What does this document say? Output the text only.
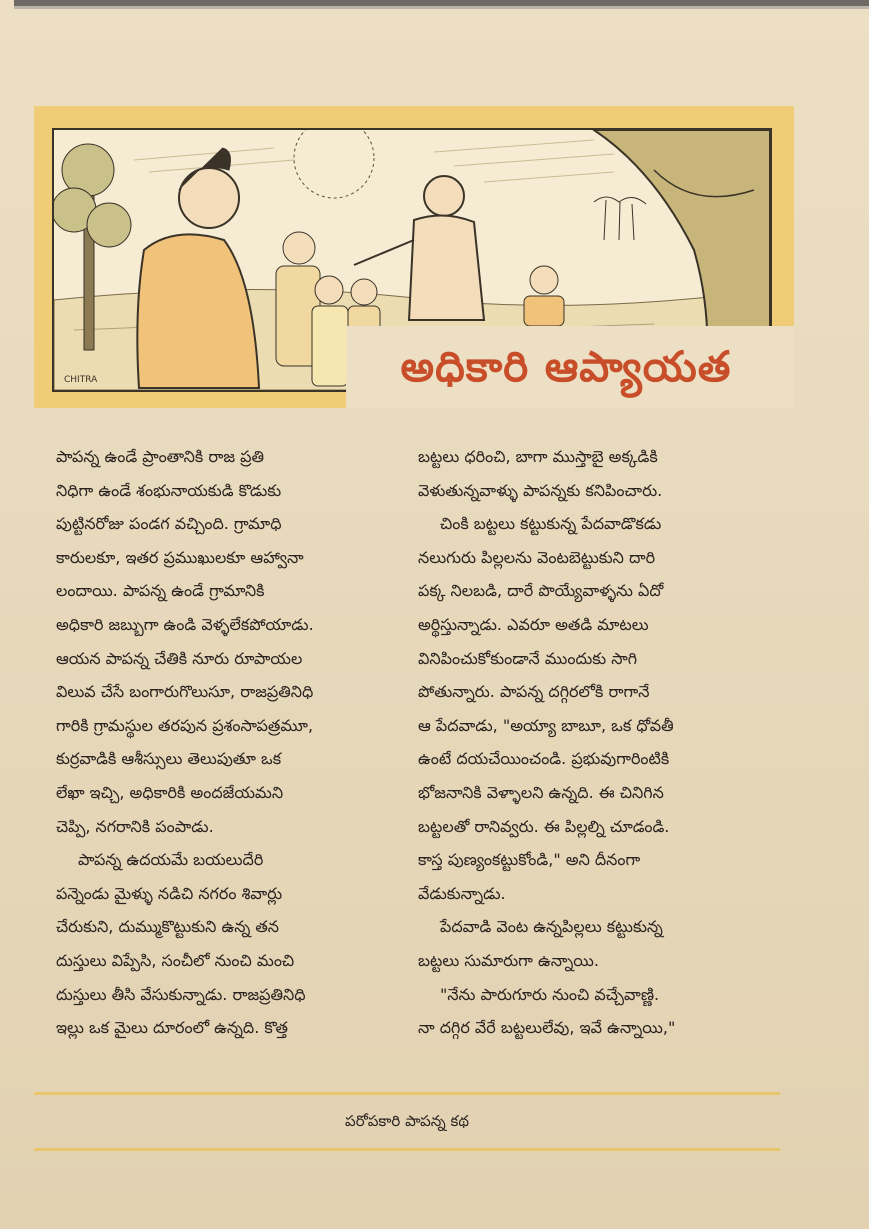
CHITRA	అధికారి ఆప్యాయత
పాపన్న ఉండే ప్రాంతానికి రాజ ప్రతి
నిధిగా ఉండే శంభునాయకుడి కొడుకు
పుట్టినరోజు పండగ వచ్చింది. గ్రామాధి
కారులకూ, ఇతర ప్రముఖులకూ ఆహ్వానా
లందాయి. పాపన్న ఉండే గ్రామానికి
అధికారి జబ్బుగా ఉండి వెళ్ళలేకపోయాడు.
ఆయన పాపన్న చేతికి నూరు రూపాయల
విలువ చేసే బంగారుగొలుసూ, రాజప్రతినిధి
గారికి గ్రామస్థుల తరపున ప్రశంసాపత్రమూ,
కుర్రవాడికి ఆశీస్సులు తెలుపుతూ ఒక
లేఖా ఇచ్చి, అధికారికి అందజేయమని
చెప్పి, నగరానికి పంపాడు.
పాపన్న ఉదయమే బయలుదేరి
పన్నెండు మైళ్ళు నడిచి నగరం శివార్లు
చేరుకుని, దుమ్ముకొట్టుకుని ఉన్న తన
దుస్తులు విప్పేసి, సంచీలో నుంచి మంచి
దుస్తులు తీసి వేసుకున్నాడు. రాజప్రతినిధి
ఇల్లు ఒక మైలు దూరంలో ఉన్నది. కొత్త
బట్టలు ధరించి, బాగా ముస్తాబై అక్కడికి
వెళుతున్నవాళ్ళు పాపన్నకు కనిపించారు.
చింకి బట్టలు కట్టుకున్న పేదవాడొకడు
నలుగురు పిల్లలను వెంటబెట్టుకుని దారి
పక్క నిలబడి, దారే పొయ్యేవాళ్ళను ఏదో
అర్థిస్తున్నాడు. ఎవరూ అతడి మాటలు
వినిపించుకోకుండానే ముందుకు సాగి
పోతున్నారు. పాపన్న దగ్గిరలోకి రాగానే
ఆ పేదవాడు, "అయ్యా బాబూ, ఒక ధోవతీ
ఉంటే దయచేయించండి. ప్రభువుగారింటికి
భోజనానికి వెళ్ళాలని ఉన్నది. ఈ చినిగిన
బట్టలతో రానివ్వరు. ఈ పిల్లల్ని చూడండి.
కాస్త పుణ్యంకట్టుకోండి," అని దీనంగా
వేడుకున్నాడు.
పేదవాడి వెంట ఉన్నపిల్లలు కట్టుకున్న
బట్టలు సుమారుగా ఉన్నాయి.
"నేను పారుగూరు నుంచి వచ్చేవాణ్ణి.
నా దగ్గిర వేరే బట్టలులేవు, ఇవే ఉన్నాయి,"
పరోపకారి పాపన్న కథ
